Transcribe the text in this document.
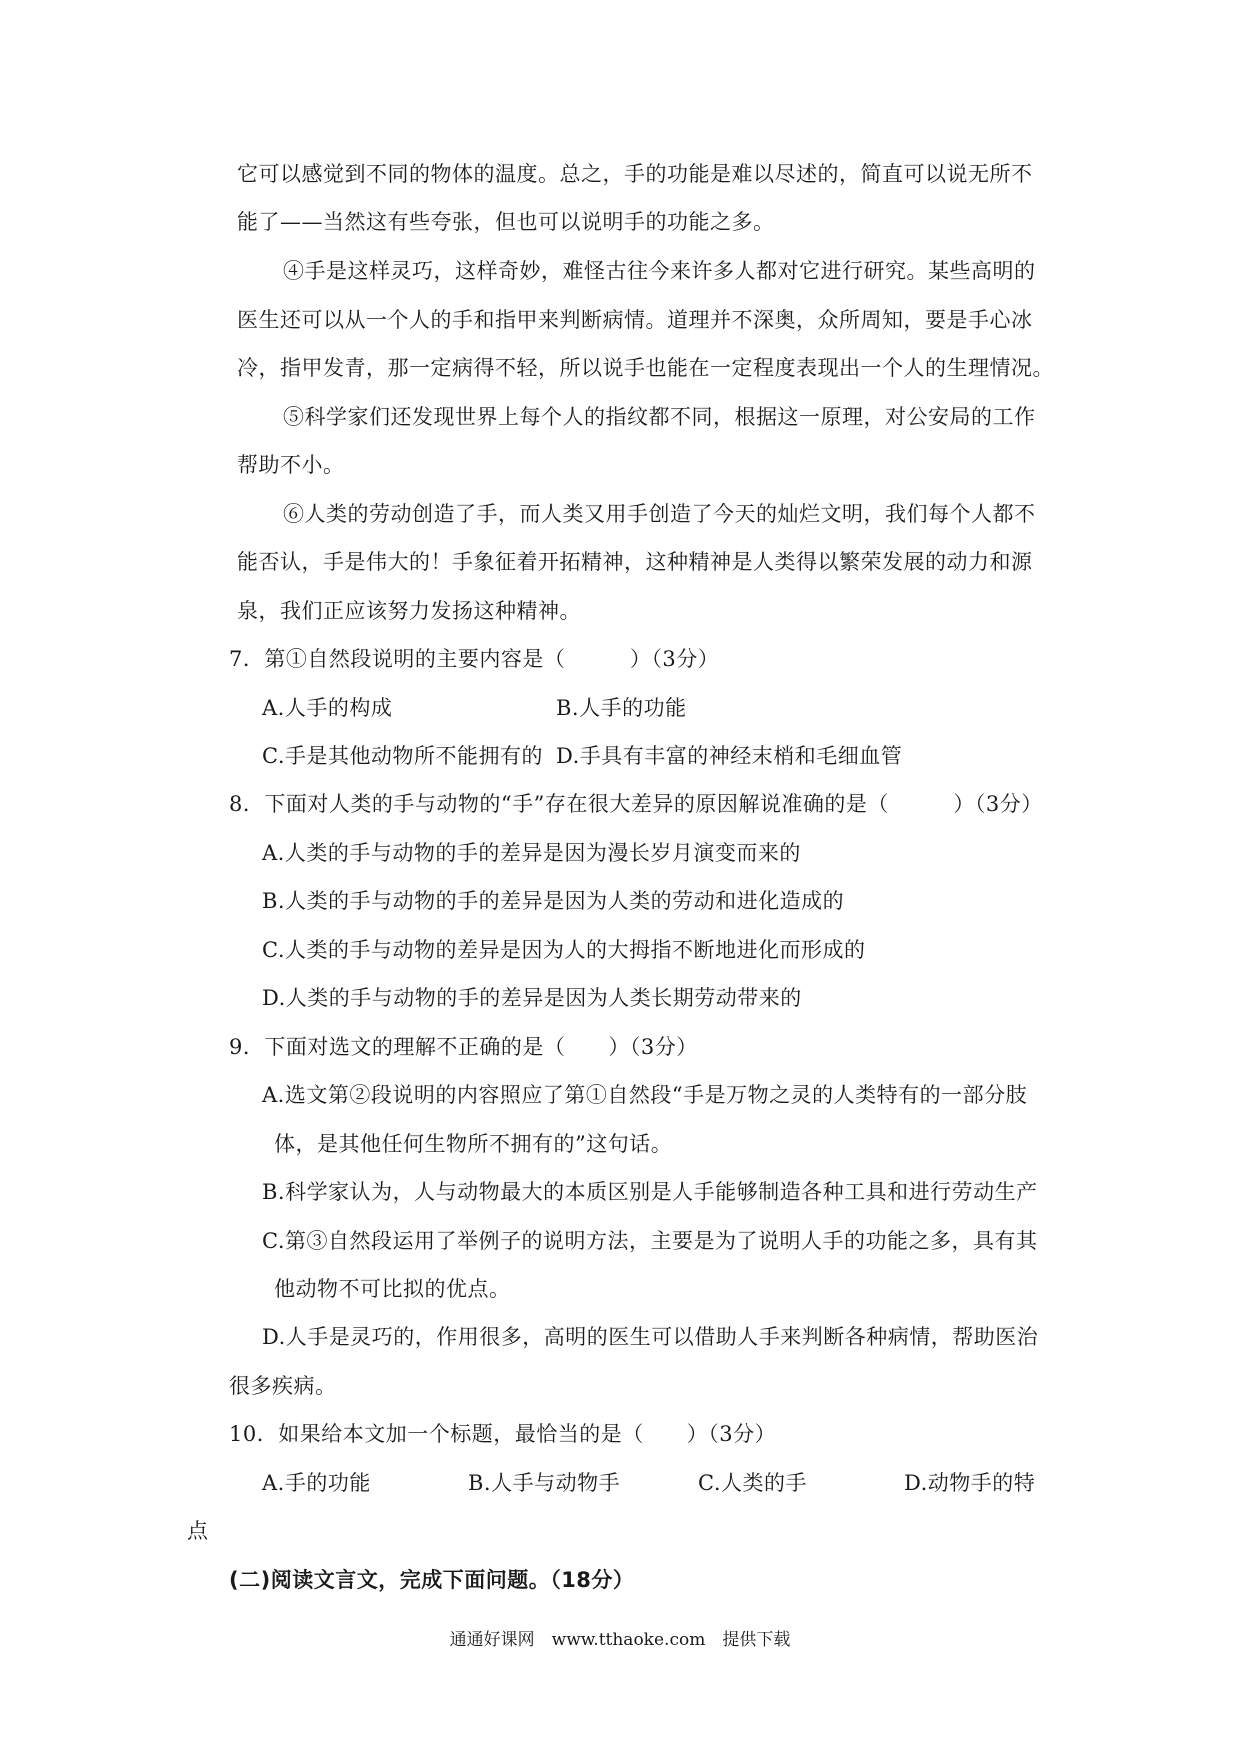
它可以感觉到不同的物体的温度。总之，手的功能是难以尽述的，简直可以说无所不
能了——当然这有些夸张，但也可以说明手的功能之多。
④手是这样灵巧，这样奇妙，难怪古往今来许多人都对它进行研究。某些高明的
医生还可以从一个人的手和指甲来判断病情。道理并不深奥，众所周知，要是手心冰
冷，指甲发青，那一定病得不轻，所以说手也能在一定程度表现出一个人的生理情况。
⑤科学家们还发现世界上每个人的指纹都不同，根据这一原理，对公安局的工作
帮助不小。
⑥人类的劳动创造了手，而人类又用手创造了今天的灿烂文明，我们每个人都不
能否认，手是伟大的！手象征着开拓精神，这种精神是人类得以繁荣发展的动力和源
泉，我们正应该努力发扬这种精神。
7．第①自然段说明的主要内容是（　　　）（3分）
A.人手的构成	B.人手的功能
C.手是其他动物所不能拥有的 D.手具有丰富的神经末梢和毛细血管
8．下面对人类的手与动物的“手”存在很大差异的原因解说准确的是（　　　）（3分）
A.人类的手与动物的手的差异是因为漫长岁月演变而来的
B.人类的手与动物的手的差异是因为人类的劳动和进化造成的
C.人类的手与动物的差异是因为人的大拇指不断地进化而形成的
D.人类的手与动物的手的差异是因为人类长期劳动带来的
9．下面对选文的理解不正确的是（　　）（3分）
A.选文第②段说明的内容照应了第①自然段“手是万物之灵的人类特有的一部分肢
体，是其他任何生物所不拥有的”这句话。
B.科学家认为，人与动物最大的本质区别是人手能够制造各种工具和进行劳动生产
C.第③自然段运用了举例子的说明方法，主要是为了说明人手的功能之多，具有其
他动物不可比拟的优点。
D.人手是灵巧的，作用很多，高明的医生可以借助人手来判断各种病情，帮助医治
很多疾病。
10．如果给本文加一个标题，最恰当的是（　　）（3分）
A.手的功能	B.人手与动物手	C.人类的手	D.动物手的特
点
(二)阅读文言文，完成下面问题。（18分）
通通好课网　www.tthaoke.com　提供下载
